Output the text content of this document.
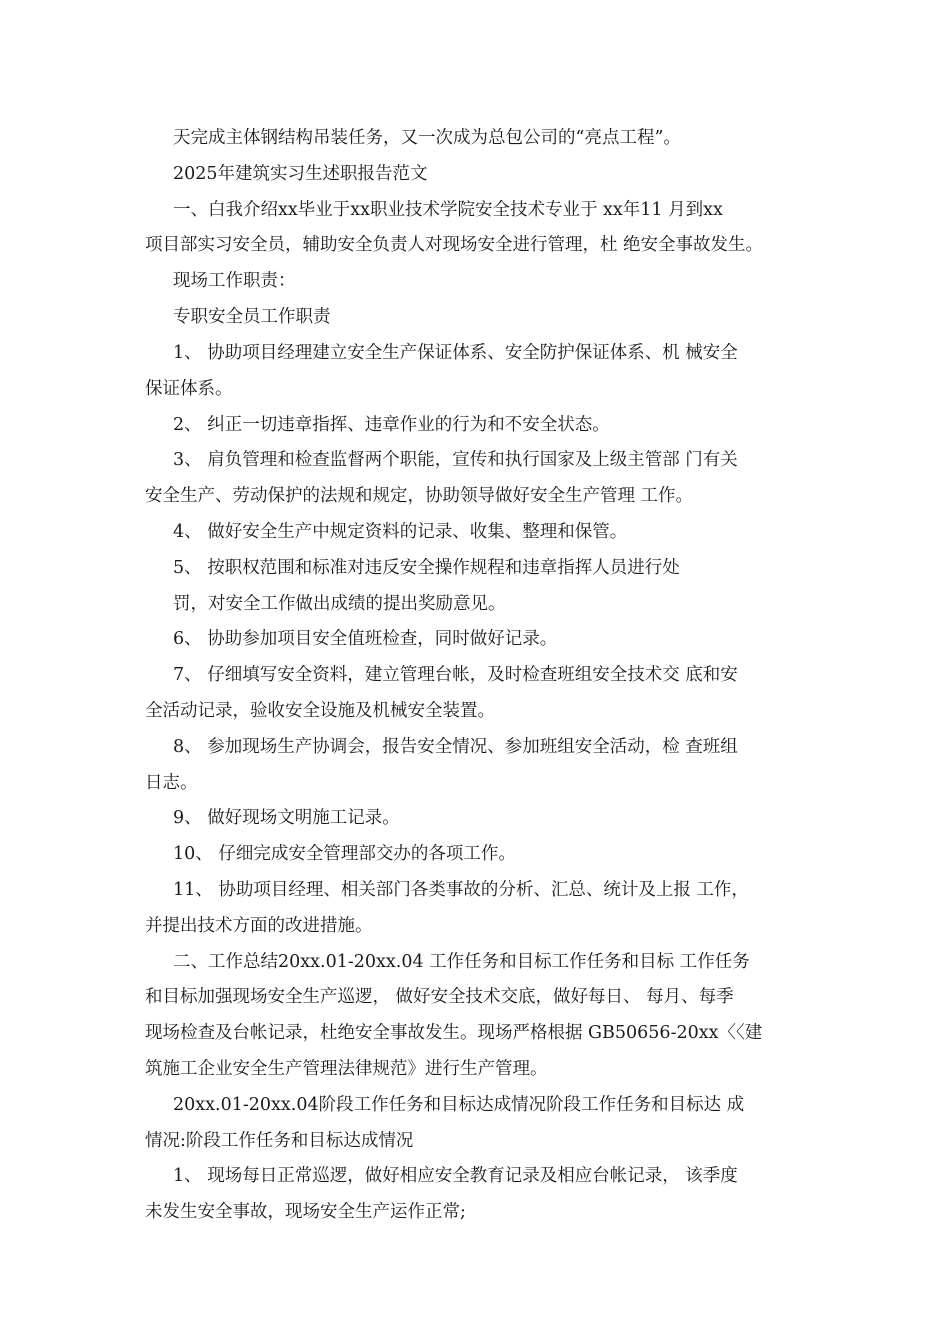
天完成主体钢结构吊装任务，又一次成为总包公司的“亮点工程”。
2025年建筑实习生述职报告范文
一、白我介绍xx毕业于xx职业技术学院安全技术专业于 xx年11 月到xx
项目部实习安全员，辅助安全负责人对现场安全进行管理，杜 绝安全事故发生。
现场工作职责：
专职安全员工作职责
1、 协助项目经理建立安全生产保证体系、安全防护保证体系、机 械安全
保证体系。
2、 纠正一切违章指挥、违章作业的行为和不安全状态。
3、 肩负管理和检查监督两个职能，宣传和执行国家及上级主管部 门有关
安全生产、劳动保护的法规和规定，协助领导做好安全生产管理 工作。
4、 做好安全生产中规定资料的记录、收集、整理和保管。
5、 按职权范围和标准对违反安全操作规程和违章指挥人员进行处
罚，对安全工作做出成绩的提出奖励意见。
6、 协助参加项目安全值班检查，同时做好记录。
7、 仔细填写安全资料，建立管理台帐，及时检查班组安全技术交 底和安
全活动记录，验收安全设施及机械安全装置。
8、 参加现场生产协调会，报告安全情况、参加班组安全活动，检 查班组
日志。
9、 做好现场文明施工记录。
10、 仔细完成安全管理部交办的各项工作。
11、 协助项目经理、相关部门各类事故的分析、汇总、统计及上报 工作，
并提出技术方面的改进措施。
二、工作总结20xx.01-20xx.04 工作任务和目标工作任务和目标 工作任务
和目标加强现场安全生产巡逻， 做好安全技术交底，做好每日、 每月、每季
现场检查及台帐记录，杜绝安全事故发生。现场严格根据 GB50656-20xx〈〈建
筑施工企业安全生产管理法律规范》进行生产管理。
20xx.01-20xx.04阶段工作任务和目标达成情况阶段工作任务和目标达 成
情况:阶段工作任务和目标达成情况
1、 现场每日正常巡逻，做好相应安全教育记录及相应台帐记录， 该季度
未发生安全事故，现场安全生产运作正常;
